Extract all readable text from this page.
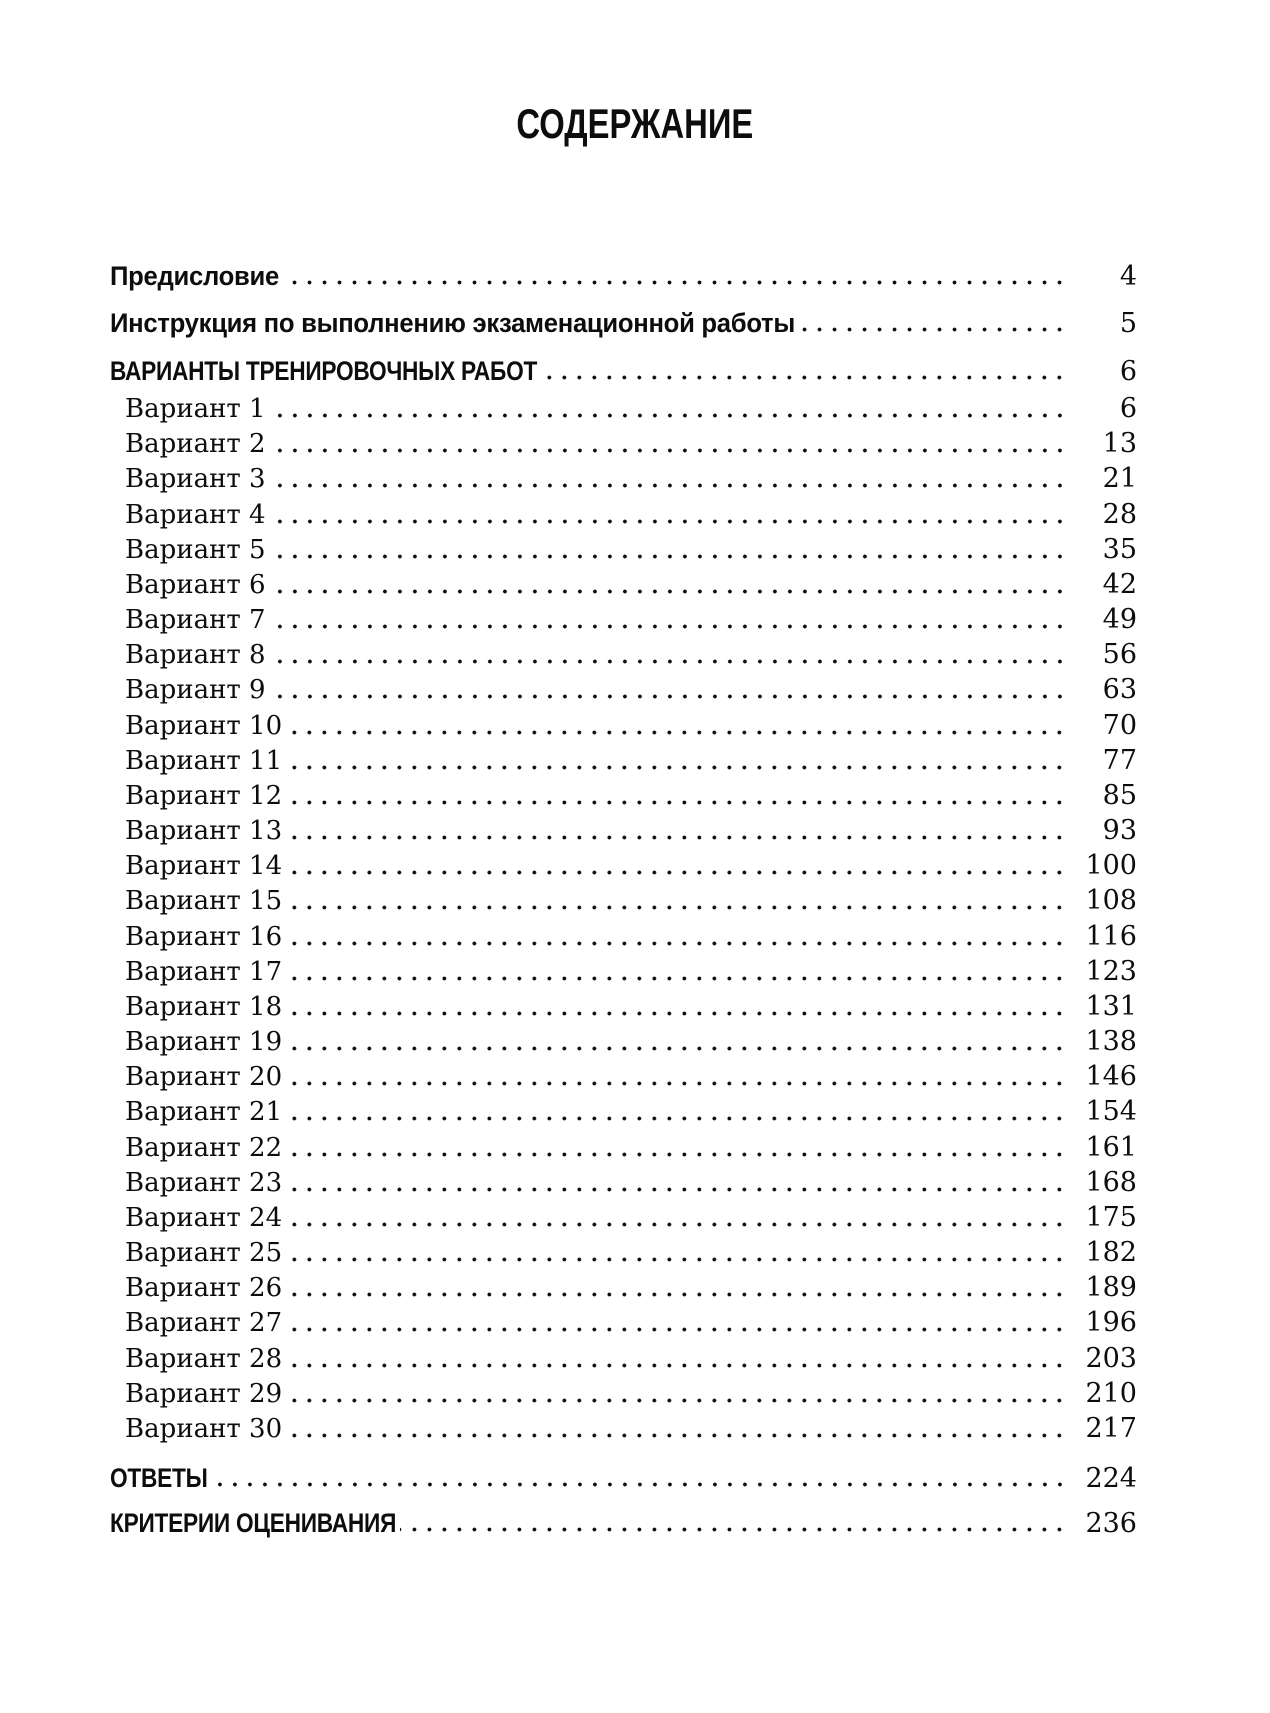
СОДЕРЖАНИЕ
Предисловие	4
Инструкция по выполнению экзаменационной работы	5
ВАРИАНТЫ ТРЕНИРОВОЧНЫХ РАБОТ	6
Вариант 1	6
Вариант 2	13
Вариант 3	21
Вариант 4	28
Вариант 5	35
Вариант 6	42
Вариант 7	49
Вариант 8	56
Вариант 9	63
Вариант 10	70
Вариант 11	77
Вариант 12	85
Вариант 13	93
Вариант 14	100
Вариант 15	108
Вариант 16	116
Вариант 17	123
Вариант 18	131
Вариант 19	138
Вариант 20	146
Вариант 21	154
Вариант 22	161
Вариант 23	168
Вариант 24	175
Вариант 25	182
Вариант 26	189
Вариант 27	196
Вариант 28	203
Вариант 29	210
Вариант 30	217
ОТВЕТЫ	224
КРИТЕРИИ ОЦЕНИВАНИЯ	236
